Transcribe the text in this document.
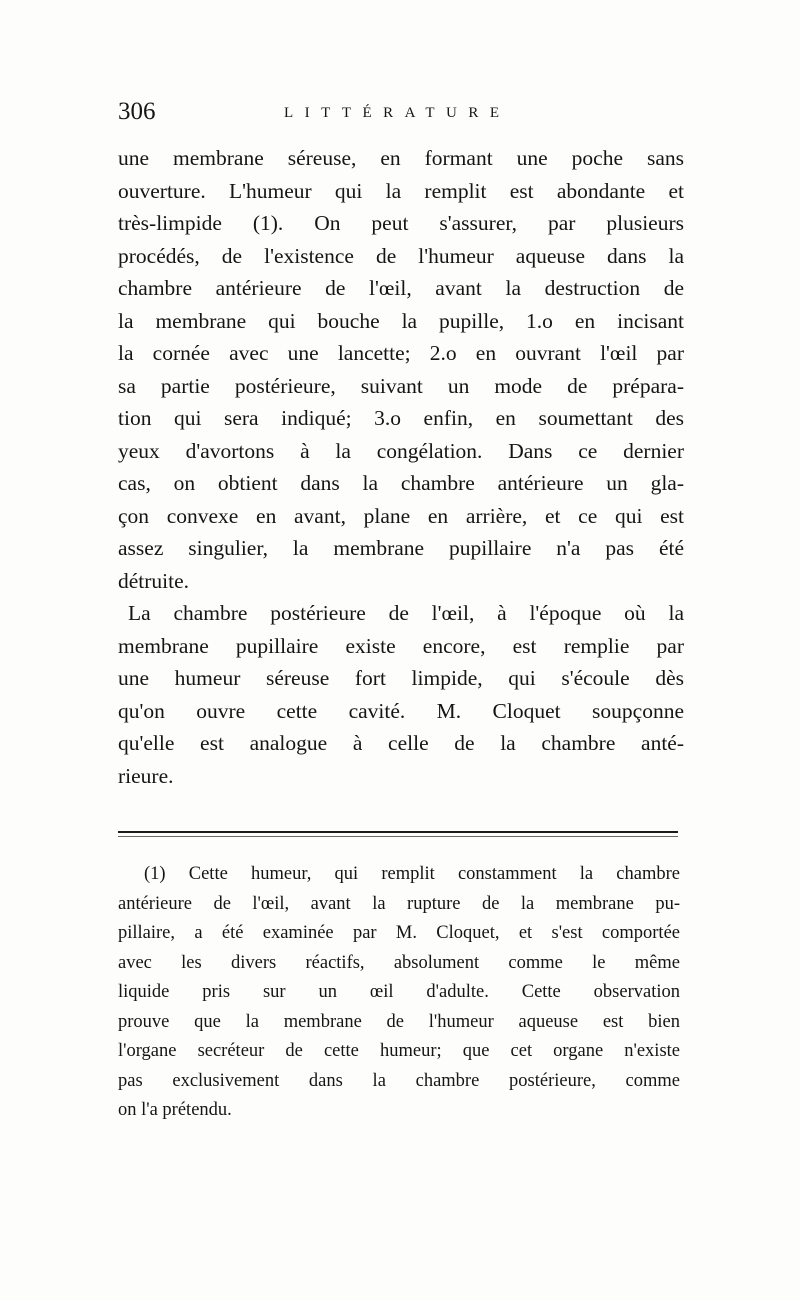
306	LITTÉRATURE
une membrane séreuse, en formant une poche sans
ouverture. L'humeur qui la remplit est abondante et
très-limpide (1). On peut s'assurer, par plusieurs
procédés, de l'existence de l'humeur aqueuse dans la
chambre antérieure de l'œil, avant la destruction de
la membrane qui bouche la pupille, 1.o en incisant
la cornée avec une lancette; 2.o en ouvrant l'œil par
sa partie postérieure, suivant un mode de prépara-
tion qui sera indiqué; 3.o enfin, en soumettant des
yeux d'avortons à la congélation. Dans ce dernier
cas, on obtient dans la chambre antérieure un gla-
çon convexe en avant, plane en arrière, et ce qui est
assez singulier, la membrane pupillaire n'a pas été
détruite.
La chambre postérieure de l'œil, à l'époque où la
membrane pupillaire existe encore, est remplie par
une humeur séreuse fort limpide, qui s'écoule dès
qu'on ouvre cette cavité. M. Cloquet soupçonne
qu'elle est analogue à celle de la chambre anté-
rieure.
(1) Cette humeur, qui remplit constamment la chambre
antérieure de l'œil, avant la rupture de la membrane pu-
pillaire, a été examinée par M. Cloquet, et s'est comportée
avec les divers réactifs, absolument comme le même
liquide pris sur un œil d'adulte. Cette observation
prouve que la membrane de l'humeur aqueuse est bien
l'organe secréteur de cette humeur; que cet organe n'existe
pas exclusivement dans la chambre postérieure, comme
on l'a prétendu.
